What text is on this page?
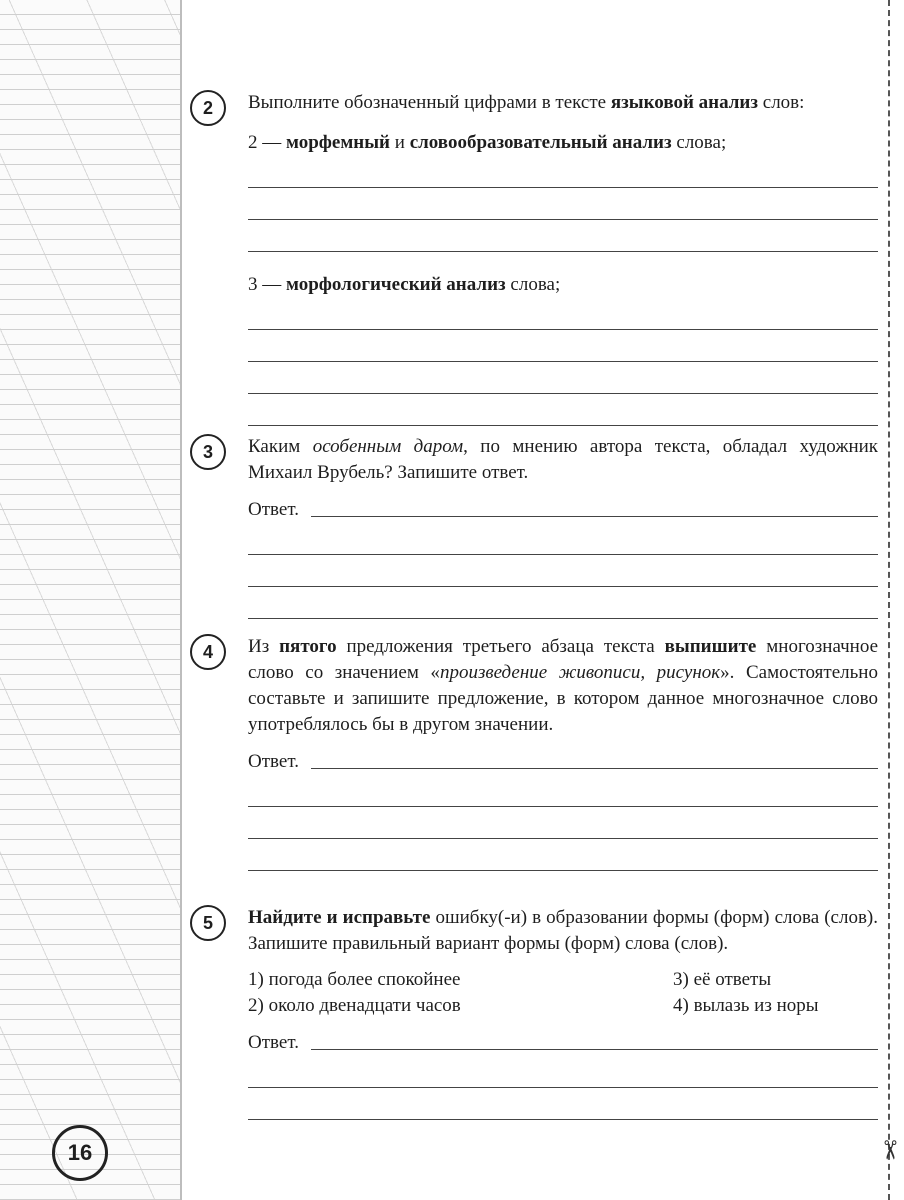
✂
2	Выполните обозначенный цифрами в тексте языковой анализ слов:

2 — морфемный и словообразовательный анализ слова;

3 — морфологический анализ слова;

3	Каким особенным даром, по мнению автора текста, обладал художник Михаил Врубель? Запишите ответ.

Ответ.
4	Из пятого предложения третьего абзаца текста выпишите многозначное слово со значением «произведение живописи, рисунок». Самостоятельно составьте и запишите предложение, в котором данное многозначное слово употреблялось бы в другом значении.

Ответ.
5	Найдите и исправьте ошибку(-и) в образовании формы (форм) слова (слов). Запишите правильный вариант формы (форм) слова (слов).

1) погода более спокойнее	3) её ответы
2) около двенадцати часов	4) вылазь из норы
Ответ.
16
